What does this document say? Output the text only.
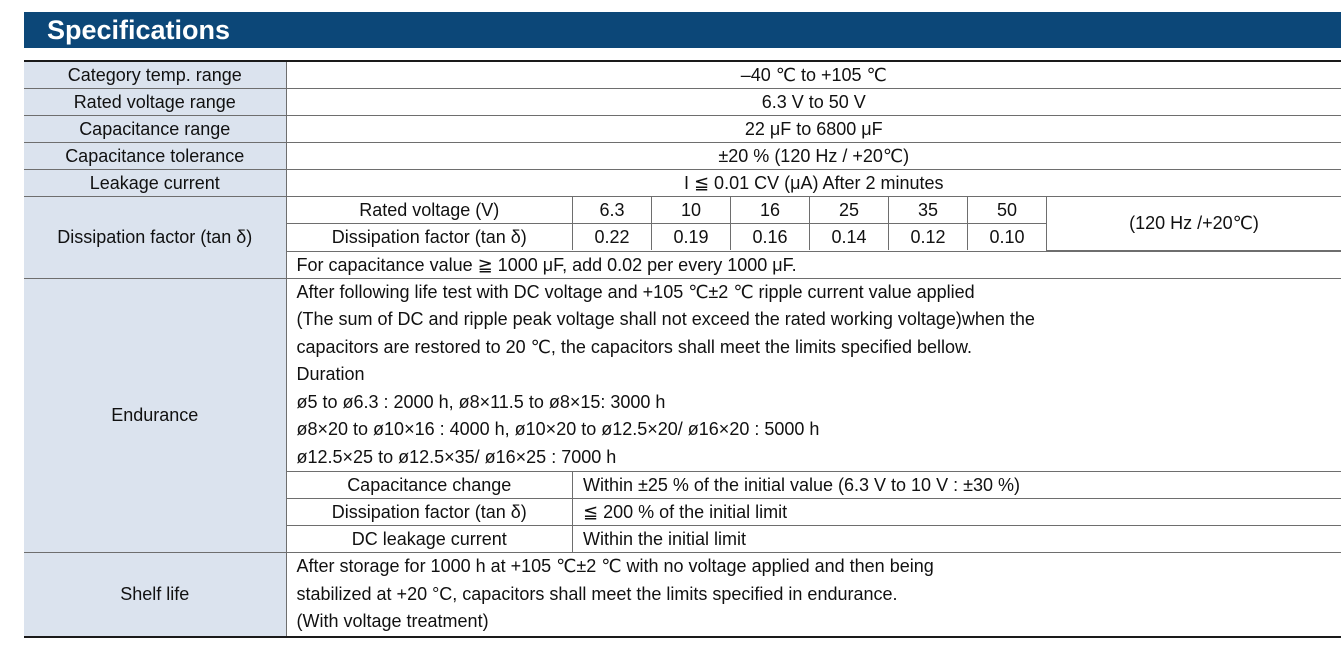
Specifications
Category temp. range	–40 ℃ to +105 ℃
Rated voltage range	6.3 V to 50 V
Capacitance range	22 μF to 6800 μF
Capacitance tolerance	±20 % (120 Hz / +20℃)
Leakage current	I ≦ 0.01 CV (μA) After 2 minutes
Dissipation factor (tan δ)	
Rated voltage (V)	6.3	10	16	25	35	50	(120 Hz /+20℃)
Dissipation factor (tan δ)	0.22	0.19	0.16	0.14	0.12	0.10

For capacitance value ≧ 1000 μF, add 0.02 per every 1000 μF.
Endurance	
After following life test with DC voltage and +105 ℃±2 ℃ ripple current value applied
(The sum of DC and ripple peak voltage shall not exceed the rated working voltage)when the
capacitors are restored to 20 ℃, the capacitors shall meet the limits specified bellow.
Duration
ø5 to ø6.3 : 2000 h, ø8×11.5 to ø8×15: 3000 h
ø8×20 to ø10×16 : 4000 h, ø10×20 to ø12.5×20/ ø16×20 : 5000 h
ø12.5×25 to ø12.5×35/ ø16×25 : 7000 h

Capacitance change	Within ±25 % of the initial value (6.3 V to 10 V : ±30 %)
Dissipation factor (tan δ)	≦ 200 % of the initial limit
DC leakage current	Within the initial limit

Shelf life	
After storage for 1000 h at +105 ℃±2 ℃ with no voltage applied and then being
stabilized at +20 °C, capacitors shall meet the limits specified in endurance.
(With voltage treatment)
